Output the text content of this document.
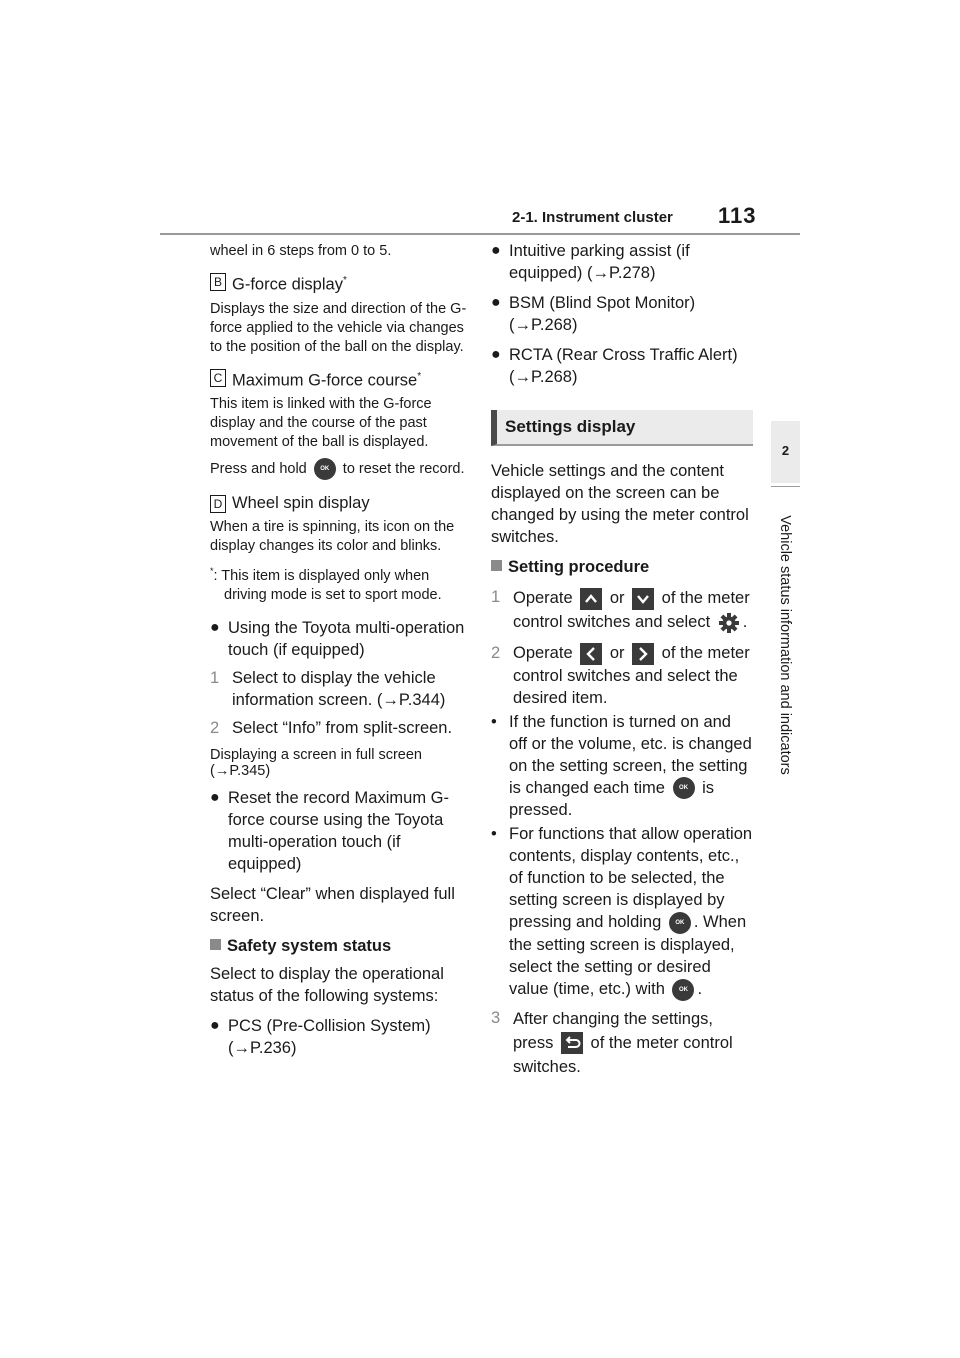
2-1. Instrument cluster 113
2
Vehicle status information and indicators

wheel in 6 steps from 0 to 5.

B G-force display*

Displays the size and direction of the G-force applied to the vehicle via changes to the position of the ball on the display.

C Maximum G-force course*

This item is linked with the G-force display and the course of the past movement of the ball is displayed.

Press and hold OK to reset the record.

D Wheel spin display

When a tire is spinning, its icon on the display changes its color and blinks.

*: This item is displayed only when driving mode is set to sport mode.

● Using the Toyota multi-operation touch (if equipped)
1 Select to display the vehicle information screen. (→P.344)
2 Select “Info” from split-screen.

Displaying a screen in full screen (→P.345)

● Reset the record Maximum G-force course using the Toyota multi-operation touch (if equipped)

Select “Clear” when displayed full screen.

Safety system status

Select to display the operational status of the following systems:

● PCS (Pre-Collision System) (→P.236)
● Intuitive parking assist (if equipped) (→P.278)
● BSM (Blind Spot Monitor) (→P.268)
● RCTA (Rear Cross Traffic Alert) (→P.268)
Settings display

Vehicle settings and the content displayed on the screen can be changed by using the meter control switches.

Setting procedure
1 Operate or of the meter control switches and select .
2 Operate or of the meter control switches and select the desired item.
• If the function is turned on and off or the volume, etc. is changed on the setting screen, the setting is changed each time OK is pressed.
• For functions that allow operation contents, display contents, etc., of function to be selected, the setting screen is displayed by pressing and holding OK . When the setting screen is displayed, select the setting or desired value (time, etc.) with OK .
3 After changing the settings, press of the meter control switches.
